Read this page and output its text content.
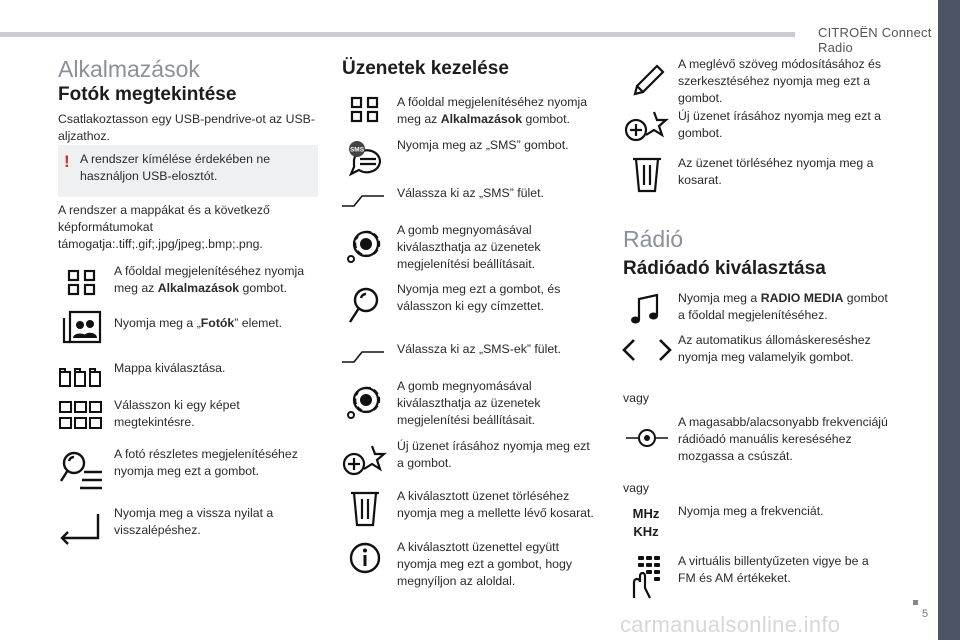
CITROËN Connect Radio
5
carmanualsonline.info
Alkalmazások
Fotók megtekintése
Csatlakoztasson egy USB-pendrive-ot az USB-aljzathoz.
! A rendszer kímélése érdekében ne használjon USB-elosztót.
A rendszer a mappákat és a következő képformátumokat támogatja:.tiff;.gif;.jpg/jpeg;.bmp;.png.
A főoldal megjelenítéséhez nyomja meg az Alkalmazások gombot.
Nyomja meg a „Fotók” elemet.
Mappa kiválasztása.
Válasszon ki egy képet megtekintésre.
A fotó részletes megjelenítéséhez nyomja meg ezt a gombot.
Nyomja meg a vissza nyilat a visszalépéshez.
Üzenetek kezelése
A főoldal megjelenítéséhez nyomja meg az Alkalmazások gombot.
SMS	Nyomja meg az „SMS” gombot.
Válassza ki az „SMS” fület.
A gomb megnyomásával kiválaszthatja az üzenetek megjelenítési beállításait.
Nyomja meg ezt a gombot, és válasszon ki egy címzettet.
Válassza ki az „SMS-ek” fület.
A gomb megnyomásával kiválaszthatja az üzenetek megjelenítési beállításait.
Új üzenet írásához nyomja meg ezt a gombot.
A kiválasztott üzenet törléséhez nyomja meg a mellette lévő kosarat.
A kiválasztott üzenettel együtt nyomja meg ezt a gombot, hogy megnyíljon az aloldal.
A meglévő szöveg módosításához és szerkesztéséhez nyomja meg ezt a gombot.
Új üzenet írásához nyomja meg ezt a gombot.
Az üzenet törléséhez nyomja meg a kosarat.
Rádió
Rádióadó kiválasztása
Nyomja meg a RADIO MEDIA gombot a főoldal megjelenítéséhez.
Az automatikus állomáskereséshez nyomja meg valamelyik gombot.
vagy
A magasabb/alacsonyabb frekvenciájú rádióadó manuális kereséséhez mozgassa a csúszát.
vagy
MHz
KHz
Nyomja meg a frekvenciát.
A virtuális billentyűzeten vigye be a FM és AM értékeket.
